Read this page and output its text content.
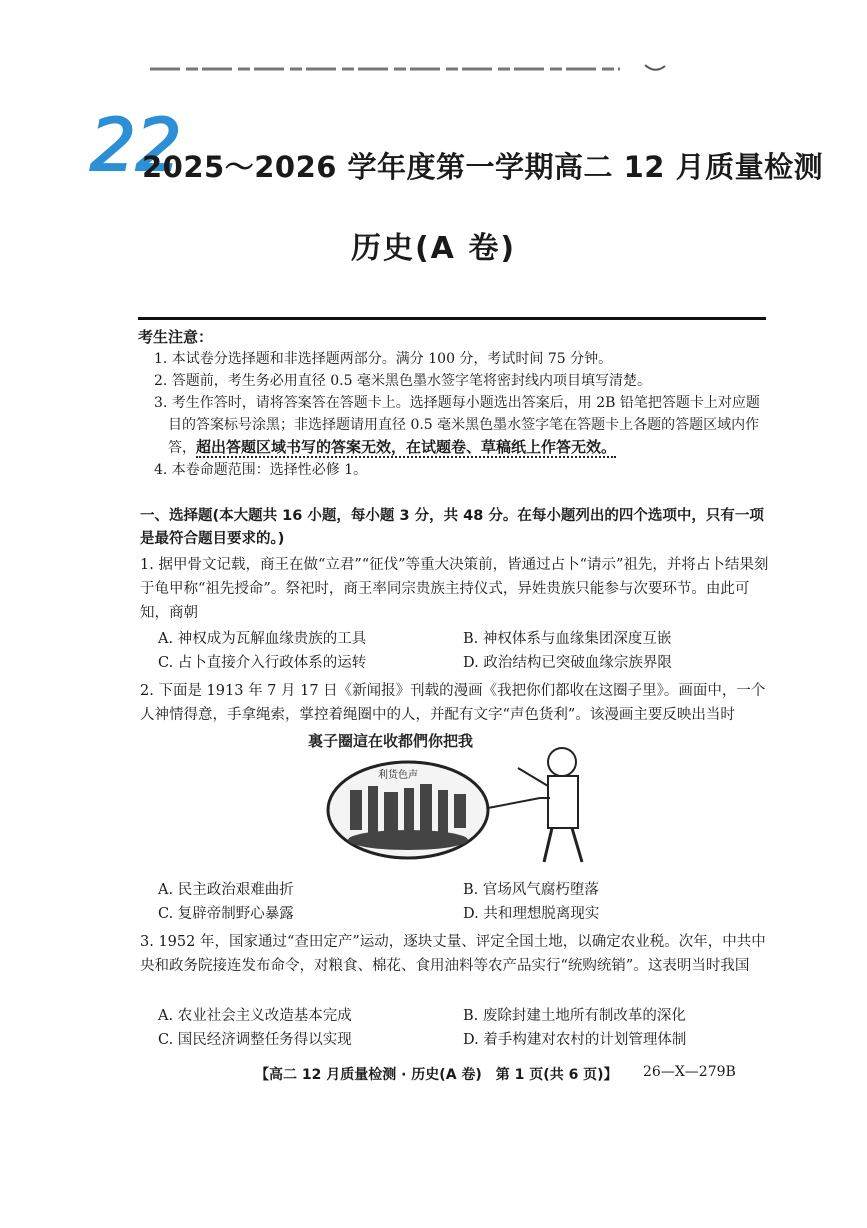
22
2025～2026 学年度第一学期高二 12 月质量检测
历史(A 卷)
考生注意：
1. 本试卷分选择题和非选择题两部分。满分 100 分，考试时间 75 分钟。
2. 答题前，考生务必用直径 0.5 毫米黑色墨水签字笔将密封线内项目填写清楚。
3. 考生作答时，请将答案答在答题卡上。选择题每小题选出答案后，用 2B 铅笔把答题卡上对应题目的答案标号涂黑；非选择题请用直径 0.5 毫米黑色墨水签字笔在答题卡上各题的答题区域内作答，超出答题区域书写的答案无效，在试题卷、草稿纸上作答无效。
4. 本卷命题范围：选择性必修 1。
一、选择题(本大题共 16 小题，每小题 3 分，共 48 分。在每小题列出的四个选项中，只有一项是最符合题目要求的。)
1. 据甲骨文记载，商王在做“立君”“征伐”等重大决策前，皆通过占卜“请示”祖先，并将占卜结果刻于龟甲称“祖先授命”。祭祀时，商王率同宗贵族主持仪式，异姓贵族只能参与次要环节。由此可知，商朝
A. 神权成为瓦解血缘贵族的工具	B. 神权体系与血缘集团深度互嵌
C. 占卜直接介入行政体系的运转	D. 政治结构已突破血缘宗族界限
2. 下面是 1913 年 7 月 17 日《新闻报》刊载的漫画《我把你们都收在这圈子里》。画面中，一个人神情得意，手拿绳索，掌控着绳圈中的人，并配有文字“声色货利”。该漫画主要反映出当时
裏子圈這在收都們你把我
利货色声
A. 民主政治艰难曲折	B. 官场风气腐朽堕落
C. 复辟帝制野心暴露	D. 共和理想脱离现实
3. 1952 年，国家通过“查田定产”运动，逐块丈量、评定全国土地，以确定农业税。次年，中共中央和政务院接连发布命令，对粮食、棉花、食用油料等农产品实行“统购统销”。这表明当时我国
A. 农业社会主义改造基本完成	B. 废除封建土地所有制改革的深化
C. 国民经济调整任务得以实现	D. 着手构建对农村的计划管理体制
【高二 12 月质量检测 · 历史(A 卷)　第 1 页(共 6 页)】 26—X—279B
